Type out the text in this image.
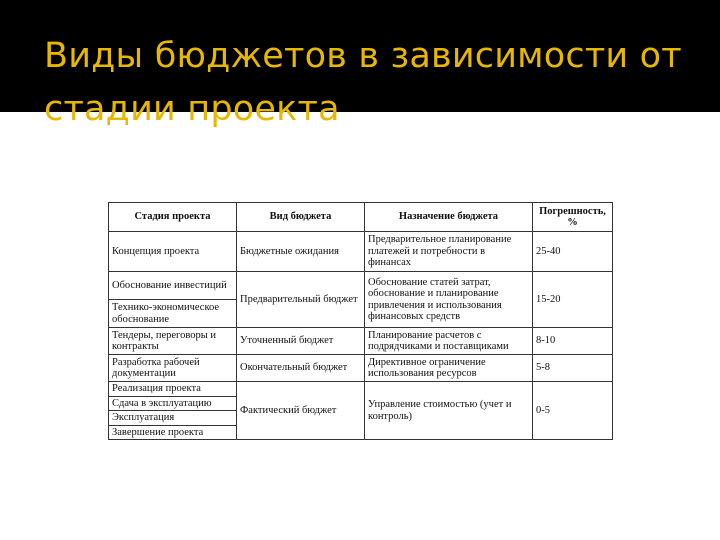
Виды бюджетов в зависимости от стадии проекта
Стадия проекта	Вид бюджета	Назначение бюджета	Погрешность, %
Концепция проекта	Бюджетные ожидания	Предварительное планирование платежей и потребности в финансах	25-40
Обоснование инвестиций	Предварительный бюджет	Обоснование статей затрат, обоснование и планирование привлечения и использования финансовых средств	15-20
Технико-экономическое обоснование			
Тендеры, переговоры и контракты	Уточненный бюджет	Планирование расчетов с подрядчиками и поставщиками	8-10
Разработка рабочей документации	Окончательный бюджет	Директивное ограничение использования ресурсов	5-8
Реализация проекта	Фактический бюджет	Управление стоимостью (учет и контроль)	0-5
Сдача в эксплуатацию			
Эксплуатация			
Завершение проекта			
